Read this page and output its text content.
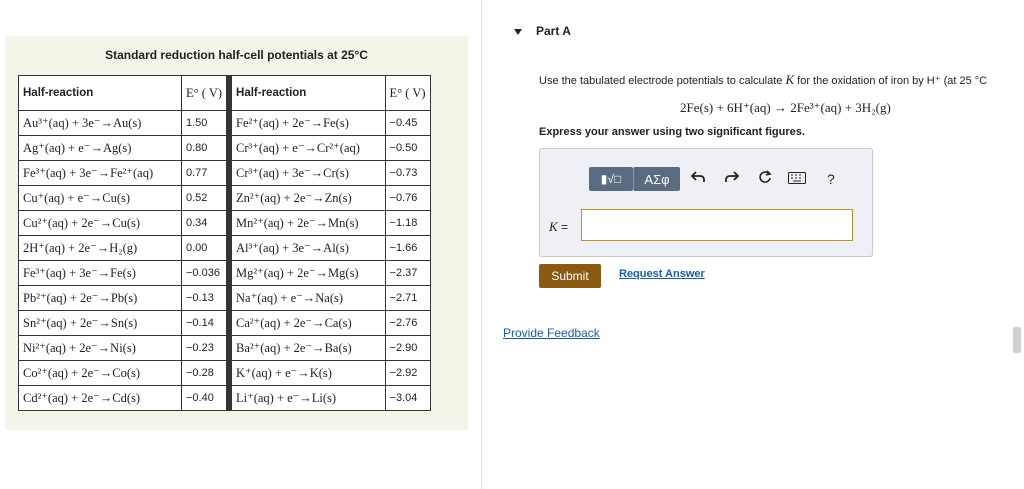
Standard reduction half-cell potentials at 25°C
Half-reaction	E° ( V)	Half-reaction	E° ( V)
Au³⁺(aq) + 3e⁻→Au(s)	1.50	Fe²⁺(aq) + 2e⁻→Fe(s)	−0.45
Ag⁺(aq) + e⁻→Ag(s)	0.80	Cr³⁺(aq) + e⁻→Cr²⁺(aq)	−0.50
Fe³⁺(aq) + 3e⁻→Fe²⁺(aq)	0.77	Cr³⁺(aq) + 3e⁻→Cr(s)	−0.73
Cu⁺(aq) + e⁻→Cu(s)	0.52	Zn²⁺(aq) + 2e⁻→Zn(s)	−0.76
Cu²⁺(aq) + 2e⁻→Cu(s)	0.34	Mn²⁺(aq) + 2e⁻→Mn(s)	−1.18
2H⁺(aq) + 2e⁻→H₂(g)	0.00	Al³⁺(aq) + 3e⁻→Al(s)	−1.66
Fe³⁺(aq) + 3e⁻→Fe(s)	−0.036	Mg²⁺(aq) + 2e⁻→Mg(s)	−2.37
Pb²⁺(aq) + 2e⁻→Pb(s)	−0.13	Na⁺(aq) + e⁻→Na(s)	−2.71
Sn²⁺(aq) + 2e⁻→Sn(s)	−0.14	Ca²⁺(aq) + 2e⁻→Ca(s)	−2.76
Ni²⁺(aq) + 2e⁻→Ni(s)	−0.23	Ba²⁺(aq) + 2e⁻→Ba(s)	−2.90
Co²⁺(aq) + 2e⁻→Co(s)	−0.28	K⁺(aq) + e⁻→K(s)	−2.92
Cd²⁺(aq) + 2e⁻→Cd(s)	−0.40	Li⁺(aq) + e⁻→Li(s)	−3.04
Part A
Use the tabulated electrode potentials to calculate K for the oxidation of iron by H⁺ (at 25 °C
2Fe(s) + 6H⁺(aq) → 2Fe³⁺(aq) + 3H₂(g)
Express your answer using two significant figures.
▮√□	AΣφ	?
K =
Submit	Request Answer
Provide Feedback
